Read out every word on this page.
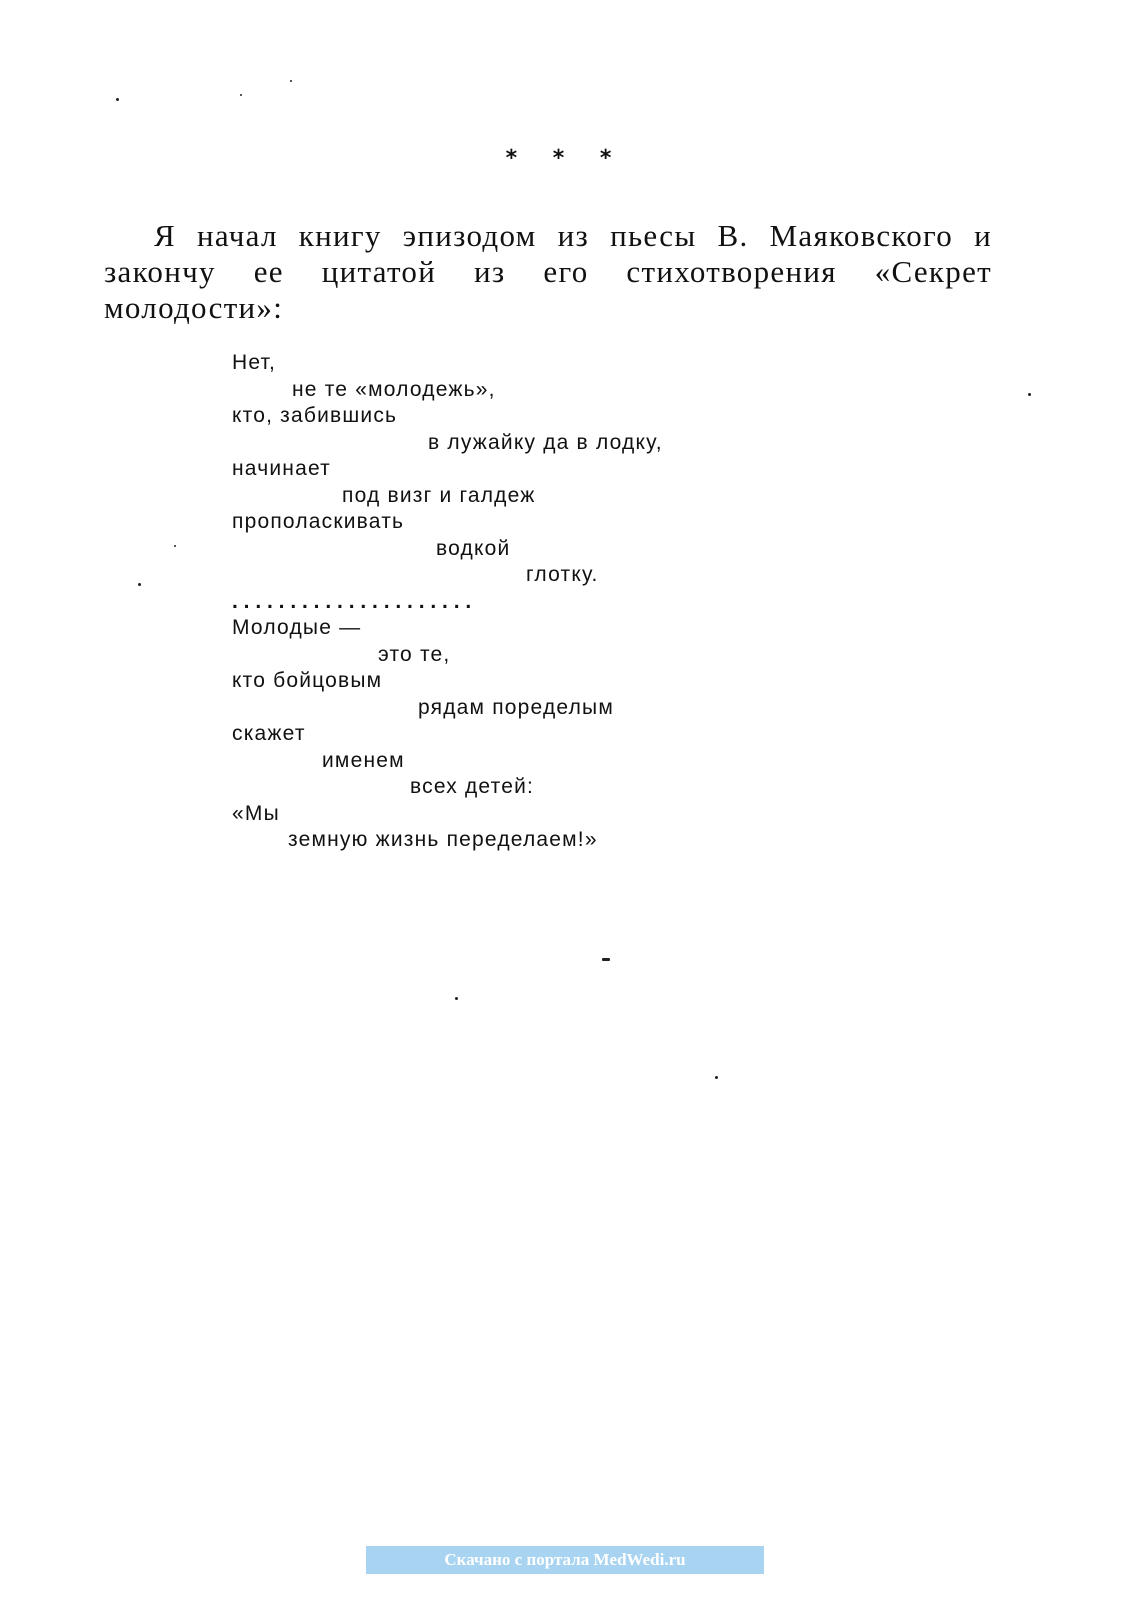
* * *

Я начал книгу эпизодом из пьесы В. Маяковского и закончу ее цитатой из его стихотворения «Секрет молодости»:

Нет,
не те «молодежь»,
кто, забившись
в лужайку да в лодку,
начинает
под визг и галдеж
прополаскивать
водкой
глотку.
. . . . . . . . . . . . . . . . . . . . .
Молодые —
это те,
кто бойцовым
рядам поределым
скажет
именем
всех детей:
«Мы
земную жизнь переделаем!»
Скачано с портала MedWedi.ru
